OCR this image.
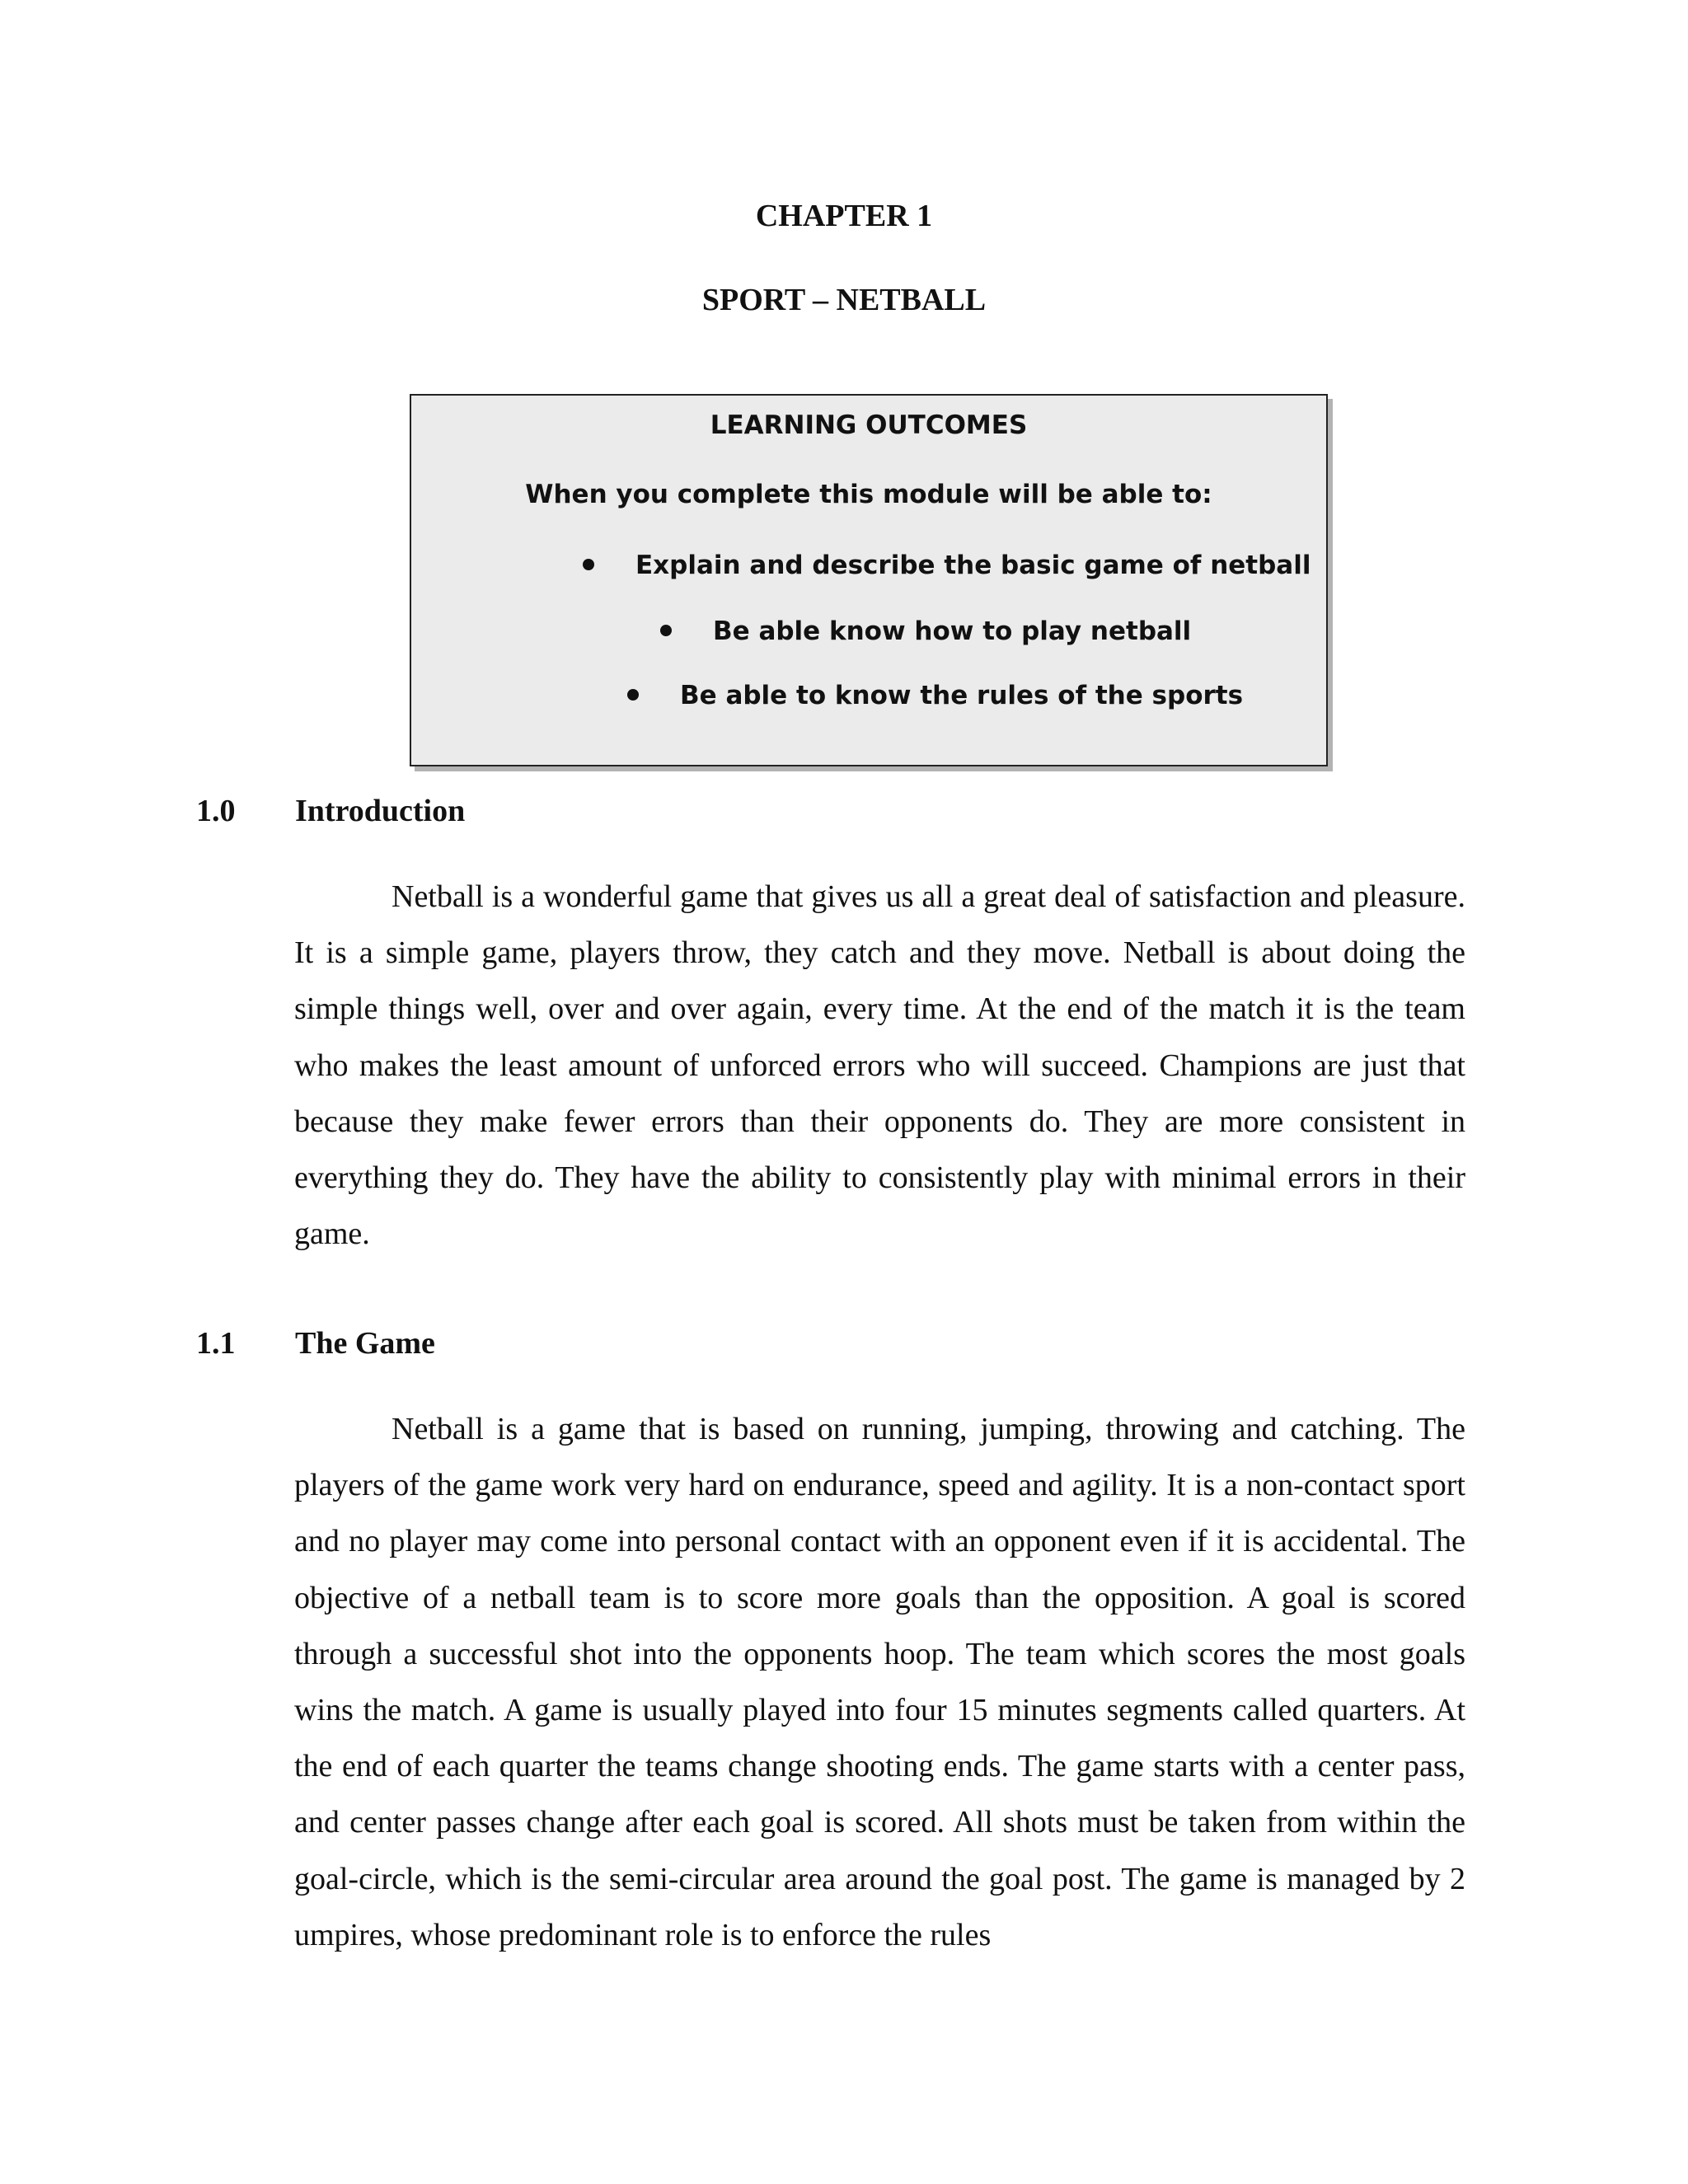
CHAPTER 1
SPORT – NETBALL
LEARNING OUTCOMES
When you complete this module will be able to:
Explain and describe the basic game of netball
Be able know how to play netball
Be able to know the rules of the sports
1.0 Introduction

Netball is a wonderful game that gives us all a great deal of satisfaction and pleasure. It is a simple game, players throw, they catch and they move. Netball is about doing the simple things well, over and over again, every time. At the end of the match it is the team who makes the least amount of unforced errors who will succeed. Champions are just that because they make fewer errors than their opponents do. They are more consistent in everything they do. They have the ability to consistently play with minimal errors in their game.

1.1 The Game

Netball is a game that is based on running, jumping, throwing and catching. The players of the game work very hard on endurance, speed and agility. It is a non-contact sport and no player may come into personal contact with an opponent even if it is accidental. The objective of a netball team is to score more goals than the opposition. A goal is scored through a successful shot into the opponents hoop. The team which scores the most goals wins the match. A game is usually played into four 15 minutes segments called quarters. At the end of each quarter the teams change shooting ends. The game starts with a center pass, and center passes change after each goal is scored. All shots must be taken from within the goal-circle, which is the semi-circular area around the goal post. The game is managed by 2 umpires, whose predominant role is to enforce the rules
